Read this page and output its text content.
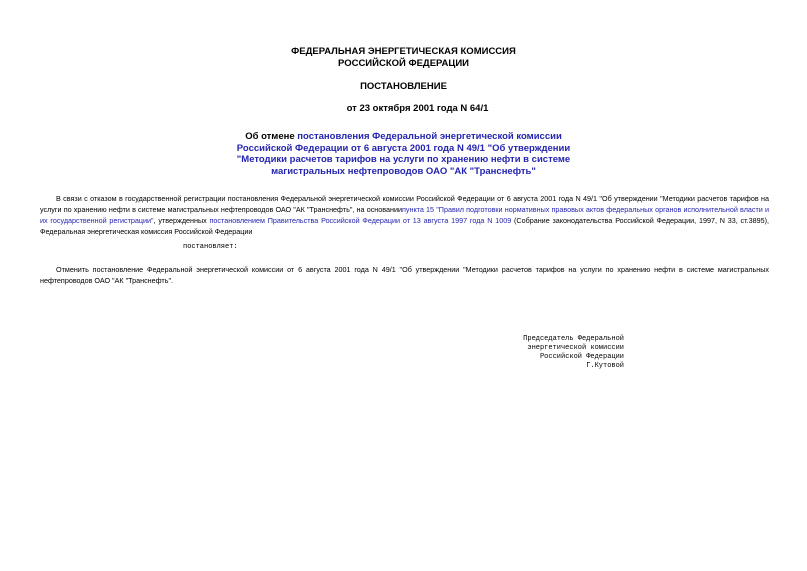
ФЕДЕРАЛЬНАЯ ЭНЕРГЕТИЧЕСКАЯ КОМИССИЯ
РОССИЙСКОЙ ФЕДЕРАЦИИ
ПОСТАНОВЛЕНИЕ
от 23 октября 2001 года N 64/1
Об отмене постановления Федеральной энергетической комиссии
Российской Федерации от 6 августа 2001 года N 49/1 "Об утверждении
"Методики расчетов тарифов на услуги по хранению нефти в системе
магистральных нефтепроводов ОАО "АК "Транснефть"
В связи с отказом в государственной регистрации постановления Федеральной энергетической комиссии Российской Федерации от 6 августа 2001 года N 49/1 "Об утверждении "Методики расчетов тарифов на услуги по хранению нефти в системе магистральных нефтепроводов ОАО "АК "Транснефть", на основаниипункта 15 "Правил подготовки нормативных правовых актов федеральных органов исполнительной власти и их государственной регистрации", утвержденных постановлением Правительства Российской Федерации от 13 августа 1997 года N 1009 (Собрание законодательства Российской Федерации, 1997, N 33, ст.3895), Федеральная энергетическая комиссия Российской Федерации
постановляет:
Отменить постановление Федеральной энергетической комиссии от 6 августа 2001 года N 49/1 "Об утверждении "Методики расчетов тарифов на услуги по хранению нефти в системе магистральных нефтепроводов ОАО "АК "Транснефть".
Председатель Федеральной
энергетической комиссии
Российской Федерации
Г.Кутовой
